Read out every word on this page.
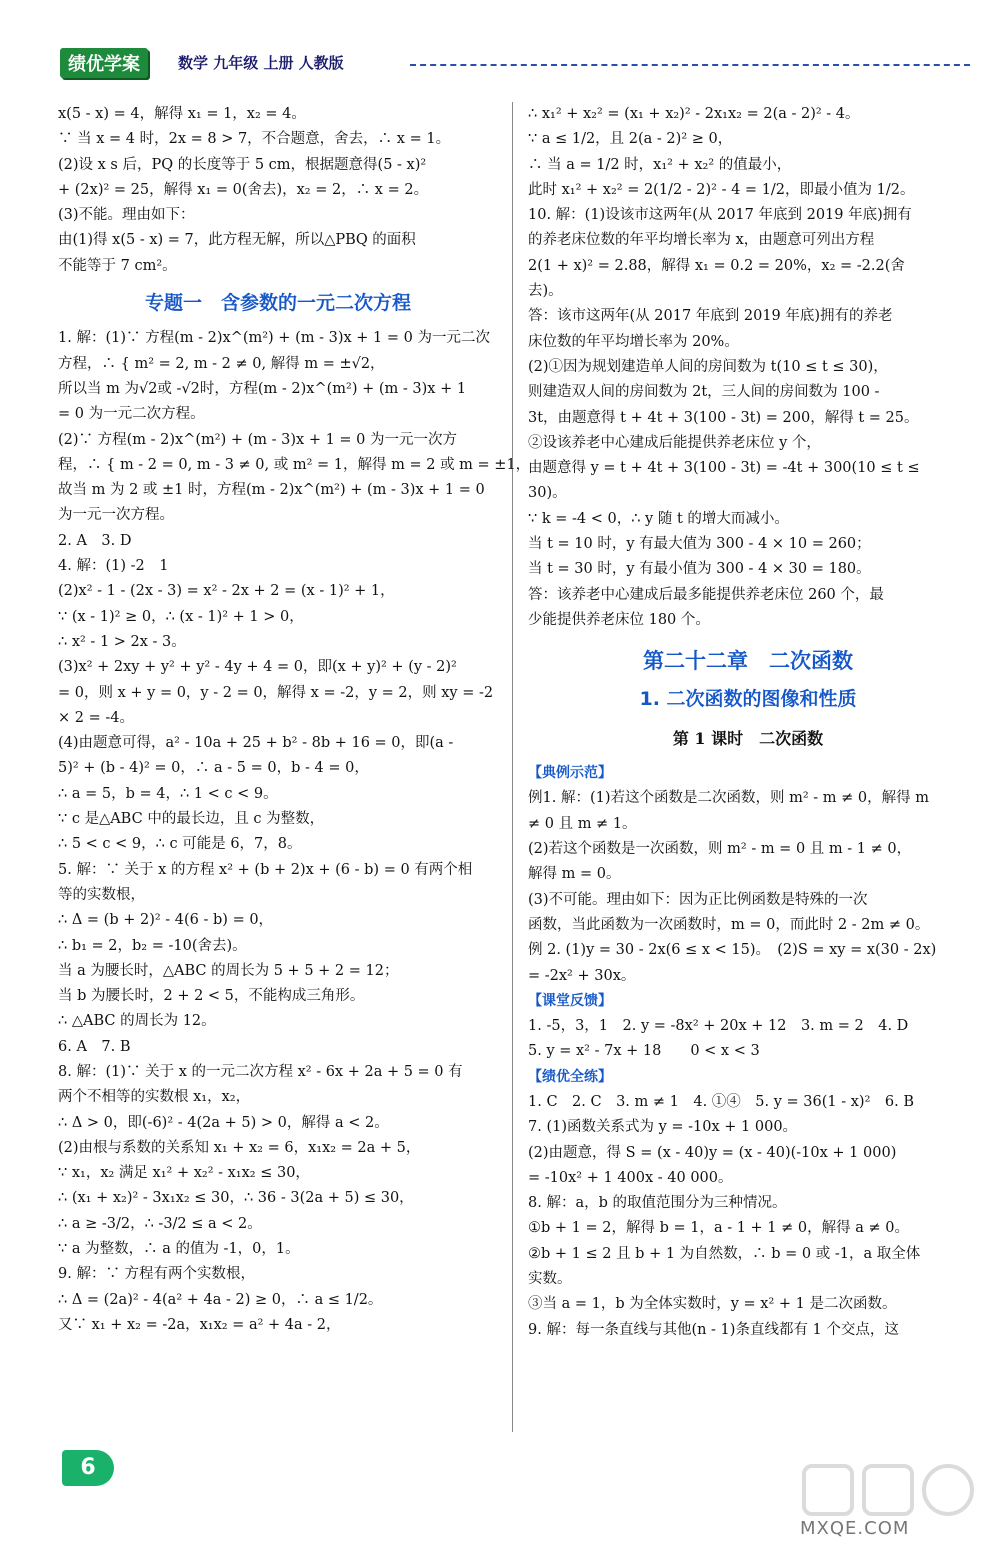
绩优学案	数学 九年级 上册 人教版
x(5 - x) = 4，解得 x₁ = 1，x₂ = 4。
∵ 当 x = 4 时，2x = 8 > 7，不合题意，舍去，∴ x = 1。
(2)设 x s 后，PQ 的长度等于 5 cm，根据题意得(5 - x)²
+ (2x)² = 25，解得 x₁ = 0(舍去)，x₂ = 2，∴ x = 2。
(3)不能。理由如下：
由(1)得 x(5 - x) = 7，此方程无解，所以△PBQ 的面积
不能等于 7 cm²。
专题一　含参数的一元二次方程
1. 解：(1)∵ 方程(m - 2)x^(m²) + (m - 3)x + 1 = 0 为一元二次
方程，∴ { m² = 2, m - 2 ≠ 0, 解得 m = ±√2，
所以当 m 为√2或 -√2时，方程(m - 2)x^(m²) + (m - 3)x + 1
= 0 为一元二次方程。
(2)∵ 方程(m - 2)x^(m²) + (m - 3)x + 1 = 0 为一元一次方
程，∴ { m - 2 = 0, m - 3 ≠ 0, 或 m² = 1，解得 m = 2 或 m = ±1，
故当 m 为 2 或 ±1 时，方程(m - 2)x^(m²) + (m - 3)x + 1 = 0
为一元一次方程。
2. A　3. D
4. 解：(1) -2　1
(2)x² - 1 - (2x - 3) = x² - 2x + 2 = (x - 1)² + 1，
∵ (x - 1)² ≥ 0，∴ (x - 1)² + 1 > 0，
∴ x² - 1 > 2x - 3。
(3)x² + 2xy + y² + y² - 4y + 4 = 0，即(x + y)² + (y - 2)²
= 0，则 x + y = 0，y - 2 = 0，解得 x = -2，y = 2，则 xy = -2
× 2 = -4。
(4)由题意可得，a² - 10a + 25 + b² - 8b + 16 = 0，即(a -
5)² + (b - 4)² = 0，∴ a - 5 = 0，b - 4 = 0，
∴ a = 5，b = 4，∴ 1 < c < 9。
∵ c 是△ABC 中的最长边，且 c 为整数，
∴ 5 < c < 9，∴ c 可能是 6，7，8。
5. 解：∵ 关于 x 的方程 x² + (b + 2)x + (6 - b) = 0 有两个相
等的实数根，
∴ Δ = (b + 2)² - 4(6 - b) = 0，
∴ b₁ = 2，b₂ = -10(舍去)。
当 a 为腰长时，△ABC 的周长为 5 + 5 + 2 = 12；
当 b 为腰长时，2 + 2 < 5，不能构成三角形。
∴ △ABC 的周长为 12。
6. A　7. B
8. 解：(1)∵ 关于 x 的一元二次方程 x² - 6x + 2a + 5 = 0 有
两个不相等的实数根 x₁，x₂，
∴ Δ > 0，即(-6)² - 4(2a + 5) > 0，解得 a < 2。
(2)由根与系数的关系知 x₁ + x₂ = 6，x₁x₂ = 2a + 5，
∵ x₁，x₂ 满足 x₁² + x₂² - x₁x₂ ≤ 30，
∴ (x₁ + x₂)² - 3x₁x₂ ≤ 30，∴ 36 - 3(2a + 5) ≤ 30，
∴ a ≥ -3/2，∴ -3/2 ≤ a < 2。
∵ a 为整数，∴ a 的值为 -1，0，1。
9. 解：∵ 方程有两个实数根，
∴ Δ = (2a)² - 4(a² + 4a - 2) ≥ 0，∴ a ≤ 1/2。
又∵ x₁ + x₂ = -2a，x₁x₂ = a² + 4a - 2，
∴ x₁² + x₂² = (x₁ + x₂)² - 2x₁x₂ = 2(a - 2)² - 4。
∵ a ≤ 1/2，且 2(a - 2)² ≥ 0，
∴ 当 a = 1/2 时，x₁² + x₂² 的值最小，
此时 x₁² + x₂² = 2(1/2 - 2)² - 4 = 1/2，即最小值为 1/2。
10. 解：(1)设该市这两年(从 2017 年底到 2019 年底)拥有
的养老床位数的年平均增长率为 x，由题意可列出方程
2(1 + x)² = 2.88，解得 x₁ = 0.2 = 20%，x₂ = -2.2(舍
去)。
答：该市这两年(从 2017 年底到 2019 年底)拥有的养老
床位数的年平均增长率为 20%。
(2)①因为规划建造单人间的房间数为 t(10 ≤ t ≤ 30)，
则建造双人间的房间数为 2t，三人间的房间数为 100 -
3t，由题意得 t + 4t + 3(100 - 3t) = 200，解得 t = 25。
②设该养老中心建成后能提供养老床位 y 个，
由题意得 y = t + 4t + 3(100 - 3t) = -4t + 300(10 ≤ t ≤
30)。
∵ k = -4 < 0，∴ y 随 t 的增大而减小。
当 t = 10 时，y 有最大值为 300 - 4 × 10 = 260；
当 t = 30 时，y 有最小值为 300 - 4 × 30 = 180。
答：该养老中心建成后最多能提供养老床位 260 个，最
少能提供养老床位 180 个。
第二十二章　二次函数
1. 二次函数的图像和性质
第 1 课时　二次函数
【典例示范】
例1. 解：(1)若这个函数是二次函数，则 m² - m ≠ 0，解得 m
≠ 0 且 m ≠ 1。
(2)若这个函数是一次函数，则 m² - m = 0 且 m - 1 ≠ 0，
解得 m = 0。
(3)不可能。理由如下：因为正比例函数是特殊的一次
函数，当此函数为一次函数时，m = 0，而此时 2 - 2m ≠ 0。
例 2. (1)y = 30 - 2x(6 ≤ x < 15)。　(2)S = xy = x(30 - 2x)
= -2x² + 30x。
【课堂反馈】
1. -5，3，1　2. y = -8x² + 20x + 12　3. m = 2　4. D
5. y = x² - 7x + 18　　0 < x < 3
【绩优全练】
1. C　2. C　3. m ≠ 1　4. ①④　5. y = 36(1 - x)²　6. B
7. (1)函数关系式为 y = -10x + 1 000。
(2)由题意，得 S = (x - 40)y = (x - 40)(-10x + 1 000)
= -10x² + 1 400x - 40 000。
8. 解：a，b 的取值范围分为三种情况。
①b + 1 = 2，解得 b = 1，a - 1 + 1 ≠ 0，解得 a ≠ 0。
②b + 1 ≤ 2 且 b + 1 为自然数，∴ b = 0 或 -1，a 取全体
实数。
③当 a = 1，b 为全体实数时，y = x² + 1 是二次函数。
9. 解：每一条直线与其他(n - 1)条直线都有 1 个交点，这
6
MXQE.COM
